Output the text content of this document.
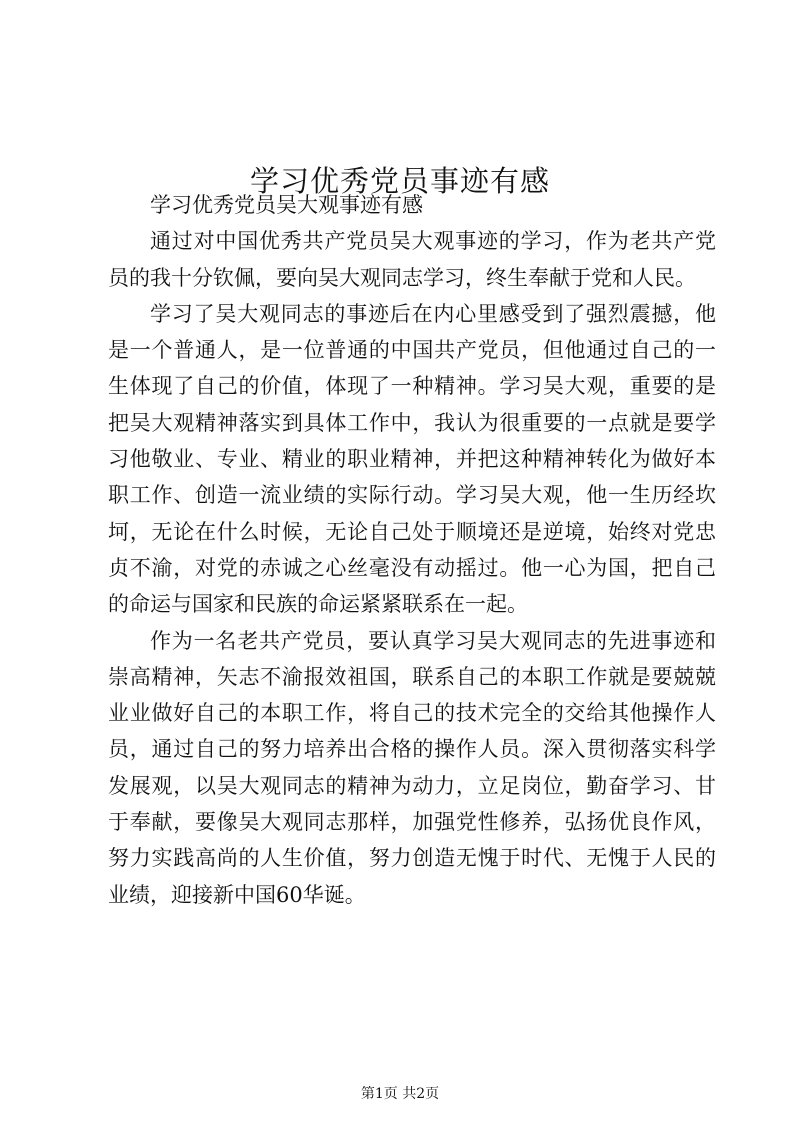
学习优秀党员事迹有感

学习优秀党员吴大观事迹有感

通过对中国优秀共产党员吴大观事迹的学习，作为老共产党员的我十分钦佩，要向吴大观同志学习，终生奉献于党和人民。

学习了吴大观同志的事迹后在内心里感受到了强烈震撼，他是一个普通人，是一位普通的中国共产党员，但他通过自己的一生体现了自己的价值，体现了一种精神。学习吴大观，重要的是把吴大观精神落实到具体工作中，我认为很重要的一点就是要学习他敬业、专业、精业的职业精神，并把这种精神转化为做好本职工作、创造一流业绩的实际行动。学习吴大观，他一生历经坎坷，无论在什么时候，无论自己处于顺境还是逆境，始终对党忠贞不渝，对党的赤诚之心丝毫没有动摇过。他一心为国，把自己的命运与国家和民族的命运紧紧联系在一起。

作为一名老共产党员，要认真学习吴大观同志的先进事迹和崇高精神，矢志不渝报效祖国，联系自己的本职工作就是要兢兢业业做好自己的本职工作，将自己的技术完全的交给其他操作人员，通过自己的努力培养出合格的操作人员。深入贯彻落实科学发展观，以吴大观同志的精神为动力，立足岗位，勤奋学习、甘于奉献，要像吴大观同志那样，加强党性修养，弘扬优良作风，努力实践高尚的人生价值，努力创造无愧于时代、无愧于人民的业绩，迎接新中国60华诞。

第1页 共2页
